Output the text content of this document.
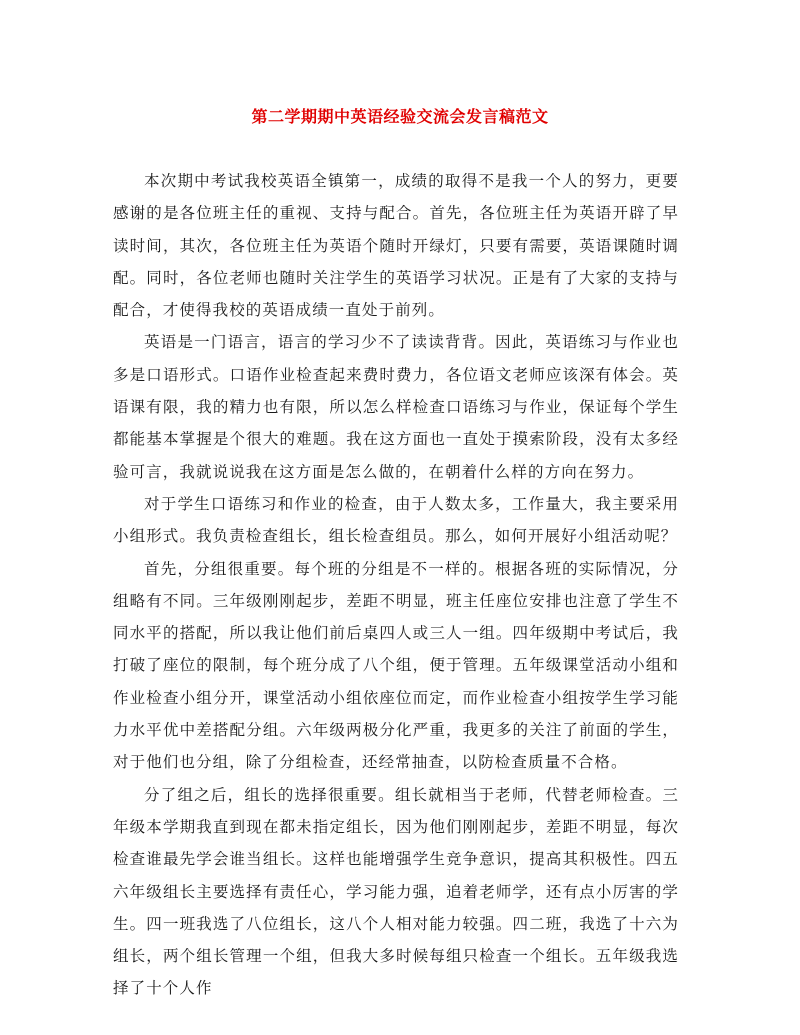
第二学期期中英语经验交流会发言稿范文

本次期中考试我校英语全镇第一，成绩的取得不是我一个人的努力，更要感谢的是各位班主任的重视、支持与配合。首先，各位班主任为英语开辟了早读时间，其次，各位班主任为英语个随时开绿灯，只要有需要，英语课随时调配。同时，各位老师也随时关注学生的英语学习状况。正是有了大家的支持与配合，才使得我校的英语成绩一直处于前列。

英语是一门语言，语言的学习少不了读读背背。因此，英语练习与作业也多是口语形式。口语作业检查起来费时费力，各位语文老师应该深有体会。英语课有限，我的精力也有限，所以怎么样检查口语练习与作业，保证每个学生都能基本掌握是个很大的难题。我在这方面也一直处于摸索阶段，没有太多经验可言，我就说说我在这方面是怎么做的，在朝着什么样的方向在努力。

对于学生口语练习和作业的检查，由于人数太多，工作量大，我主要采用小组形式。我负责检查组长，组长检查组员。那么，如何开展好小组活动呢？

首先，分组很重要。每个班的分组是不一样的。根据各班的实际情况，分组略有不同。三年级刚刚起步，差距不明显，班主任座位安排也注意了学生不同水平的搭配，所以我让他们前后桌四人或三人一组。四年级期中考试后，我打破了座位的限制，每个班分成了八个组，便于管理。五年级课堂活动小组和作业检查小组分开，课堂活动小组依座位而定，而作业检查小组按学生学习能力水平优中差搭配分组。六年级两极分化严重，我更多的关注了前面的学生，对于他们也分组，除了分组检查，还经常抽查，以防检查质量不合格。

分了组之后，组长的选择很重要。组长就相当于老师，代替老师检查。三年级本学期我直到现在都未指定组长，因为他们刚刚起步，差距不明显，每次检查谁最先学会谁当组长。这样也能增强学生竞争意识，提高其积极性。四五六年级组长主要选择有责任心，学习能力强，追着老师学，还有点小厉害的学生。四一班我选了八位组长，这八个人相对能力较强。四二班，我选了十六为组长，两个组长管理一个组，但我大多时候每组只检查一个组长。五年级我选择了十个人作
